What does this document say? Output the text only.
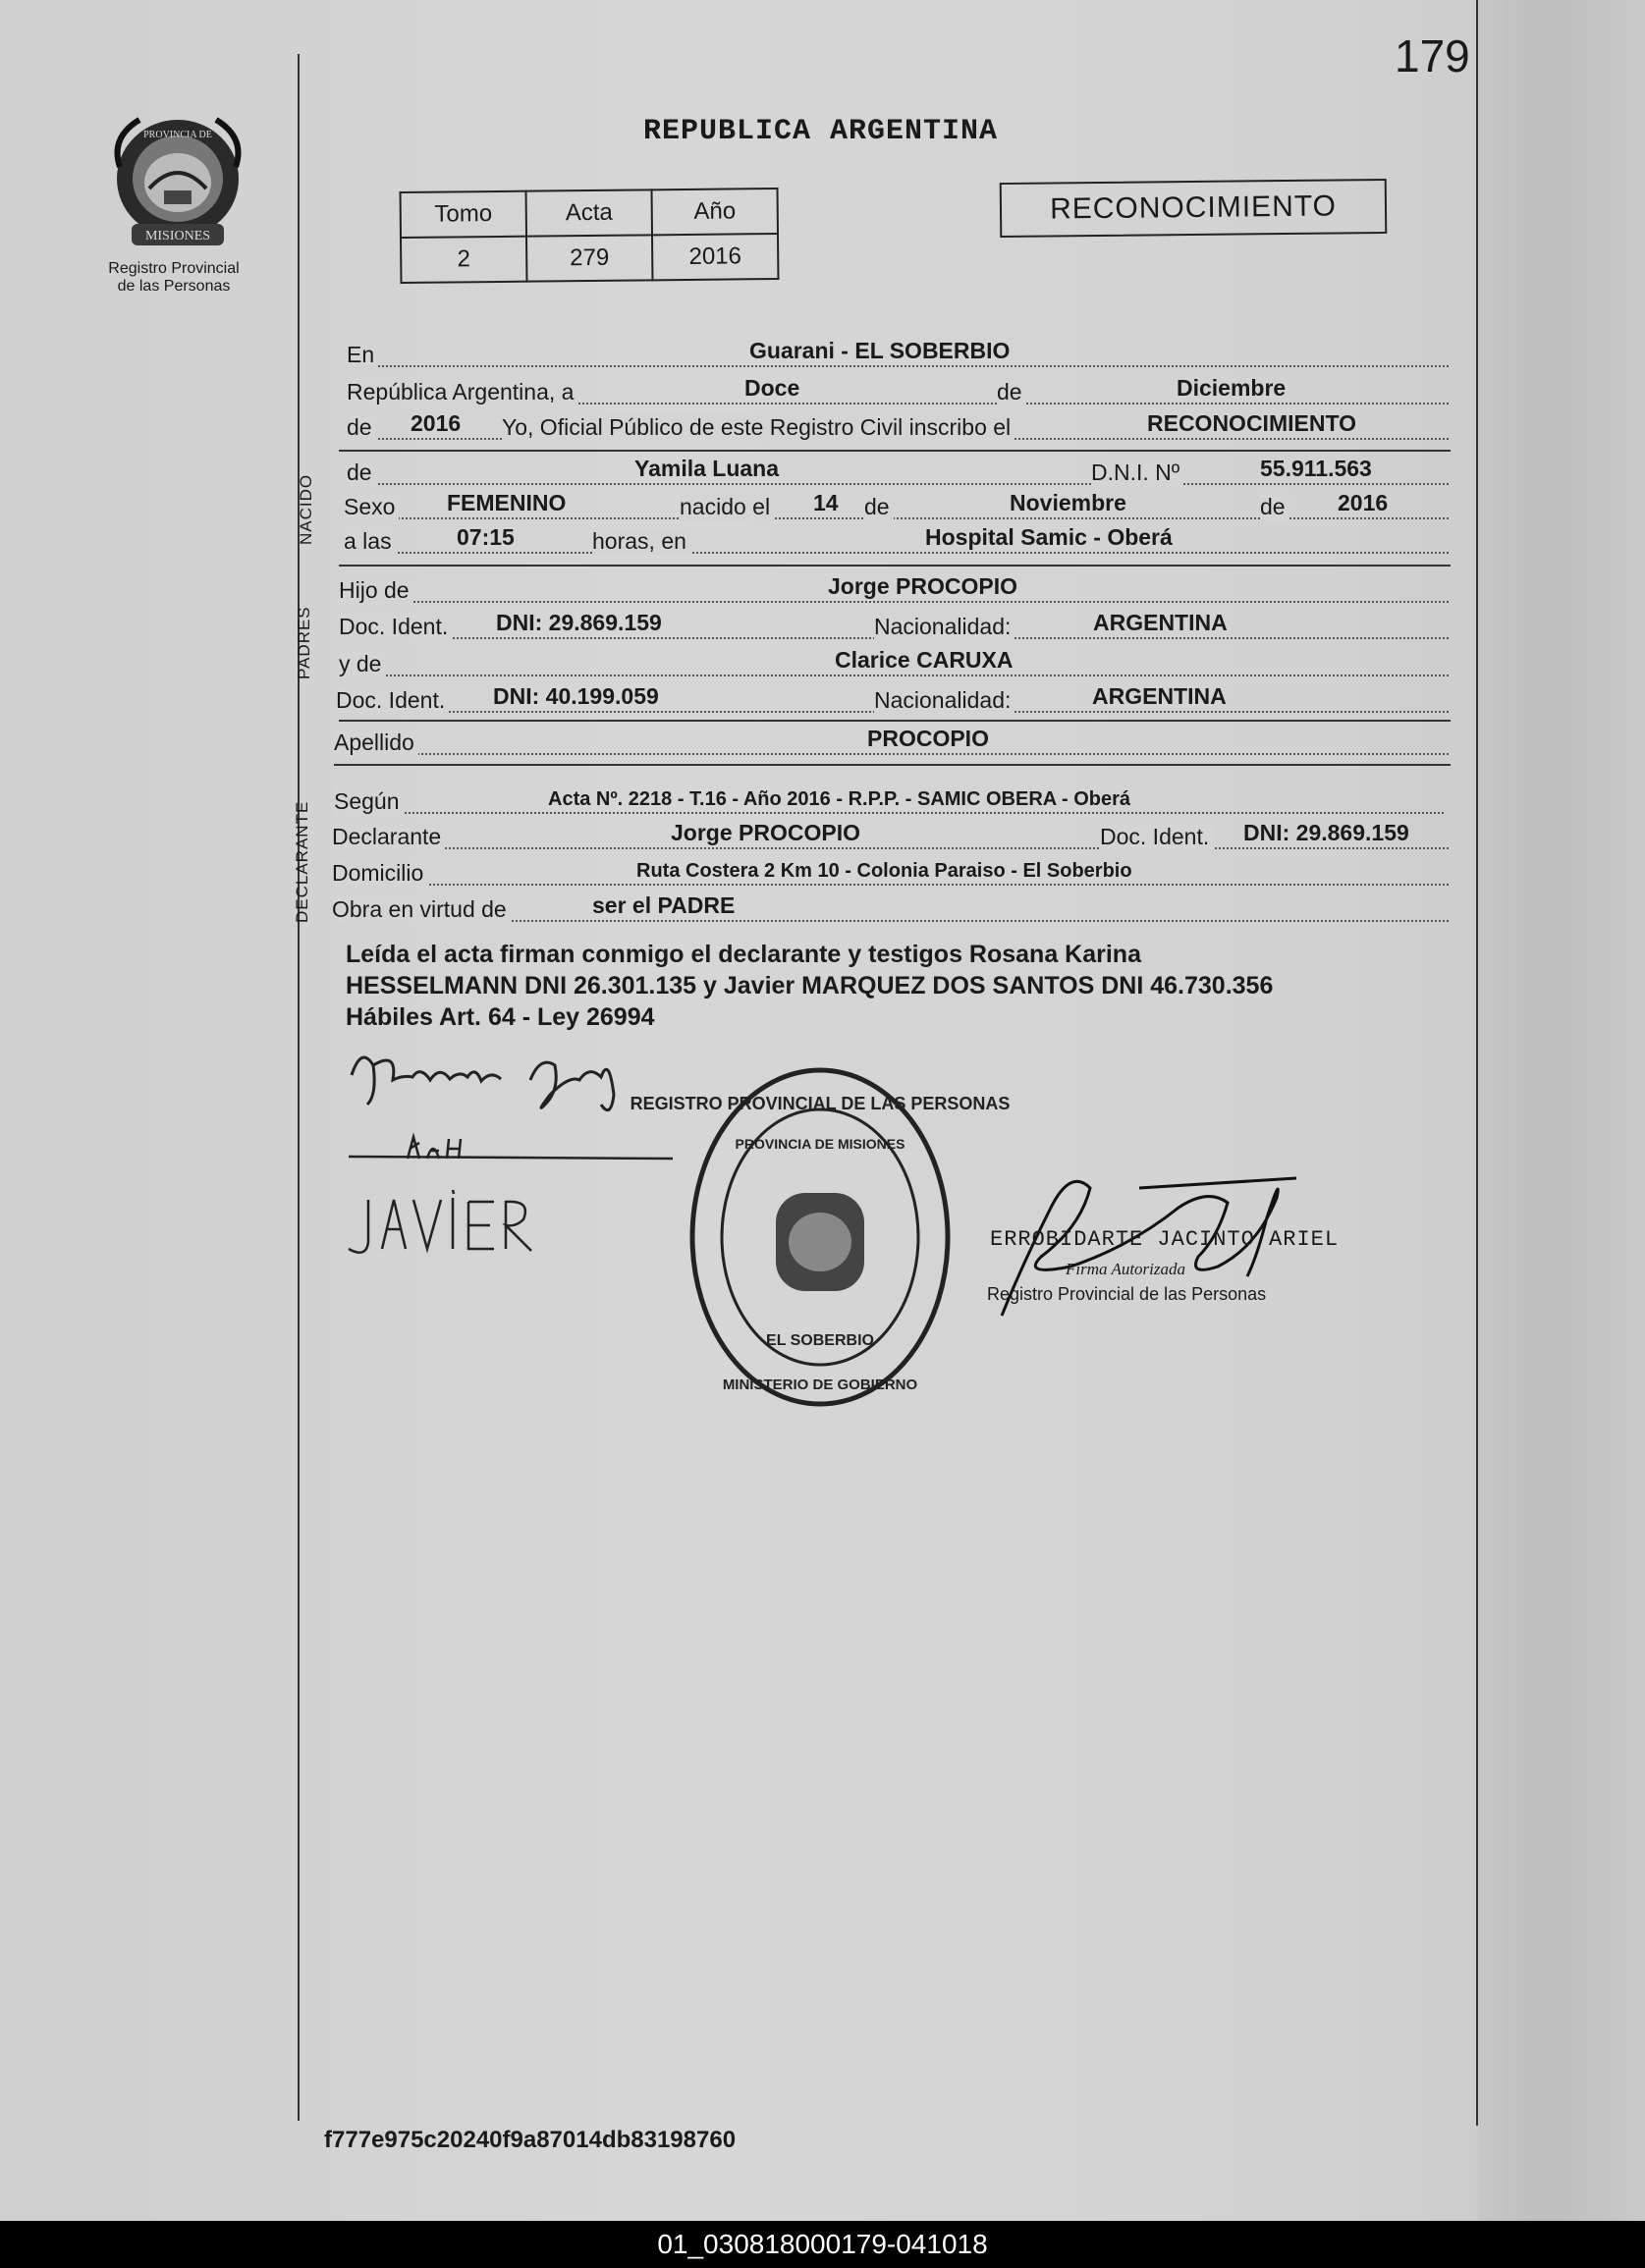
179
MISIONES
PROVINCIA DE
Registro Provincial
de las Personas
REPUBLICA ARGENTINA
Tomo	Acta	Año
2	279	2016
RECONOCIMIENTO
En	Guarani - EL SOBERBIO
República Argentina, a	Doce	de	Diciembre
de 2016 Yo, Oficial Público de este Registro Civil inscribo el	RECONOCIMIENTO
NACIDO
de	Yamila Luana	D.N.I. Nº	55.911.563
Sexo FEMENINO	nacido el 14 de	Noviembre	de 2016
a las	07:15	horas, en	Hospital Samic - Oberá
PADRES
Hijo de	Jorge PROCOPIO
Doc. Ident. DNI: 29.869.159	Nacionalidad:	ARGENTINA
y de	Clarice CARUXA
Doc. Ident. DNI: 40.199.059	Nacionalidad:	ARGENTINA
Apellido	PROCOPIO
DECLARANTE Según	Acta Nº. 2218 - T.16 - Año 2016 - R.P.P. - SAMIC OBERA - Oberá
Declarante	Jorge PROCOPIO	Doc. Ident. DNI: 29.869.159
Domicilio	Ruta Costera 2 Km 10 - Colonia Paraiso - El Soberbio
Obra en virtud de	ser el PADRE
Leída el acta firman conmigo el declarante y testigos Rosana Karina
HESSELMANN DNI 26.301.135 y Javier MARQUEZ DOS SANTOS DNI 46.730.356
Hábiles Art. 64 - Ley 26994
REGISTRO PROVINCIAL DE LAS PERSONAS
PROVINCIA DE MISIONES
EL SOBERBIO
MINISTERIO DE GOBIERNO
ERROBIDARTE JACINTO ARIEL
Firma Autorizada
Registro Provincial de las Personas
f777e975c20240f9a87014db83198760
01_030818000179-041018
